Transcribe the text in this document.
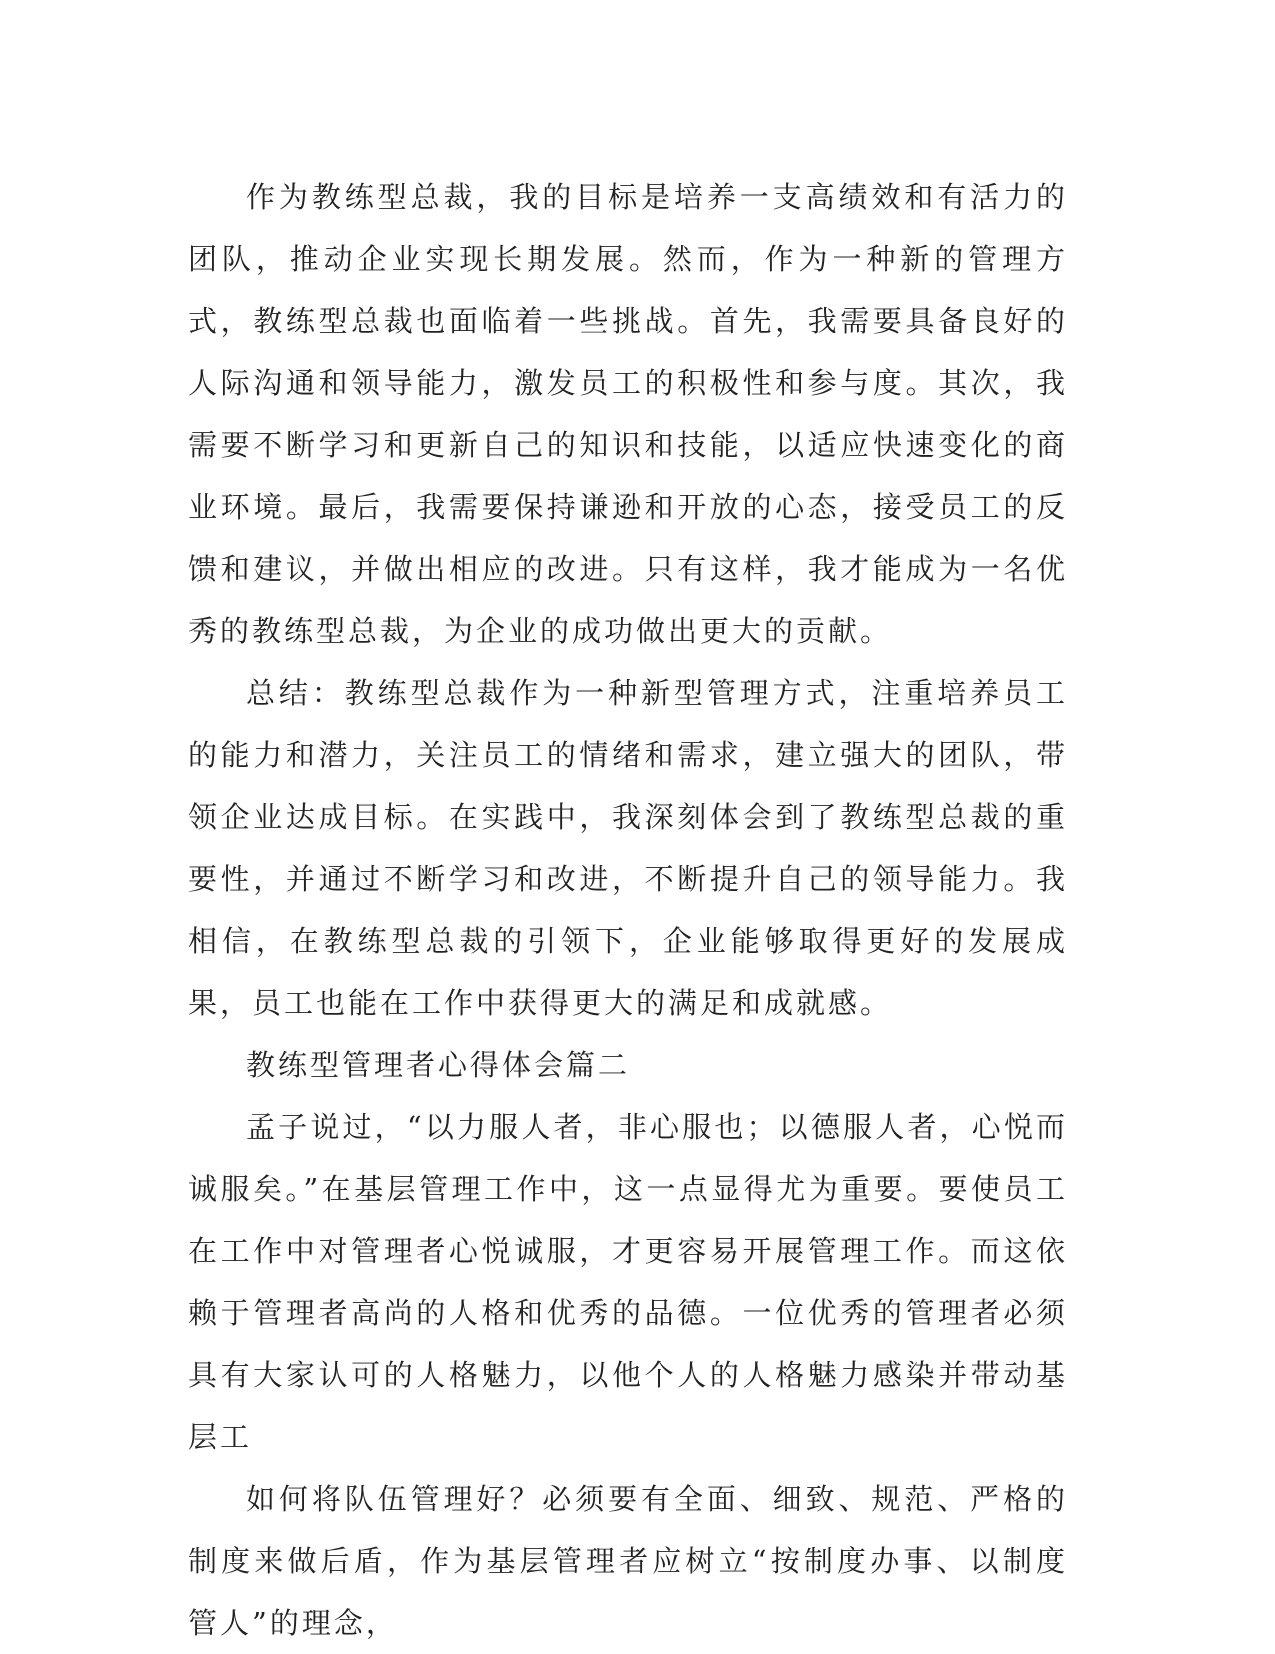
作为教练型总裁，我的目标是培养一支高绩效和有活力的团队，推动企业实现长期发展。然而，作为一种新的管理方式，教练型总裁也面临着一些挑战。首先，我需要具备良好的人际沟通和领导能力，激发员工的积极性和参与度。其次，我需要不断学习和更新自己的知识和技能，以适应快速变化的商业环境。最后，我需要保持谦逊和开放的心态，接受员工的反馈和建议，并做出相应的改进。只有这样，我才能成为一名优秀的教练型总裁，为企业的成功做出更大的贡献。

总结：教练型总裁作为一种新型管理方式，注重培养员工的能力和潜力，关注员工的情绪和需求，建立强大的团队，带领企业达成目标。在实践中，我深刻体会到了教练型总裁的重要性，并通过不断学习和改进，不断提升自己的领导能力。我相信，在教练型总裁的引领下，企业能够取得更好的发展成果，员工也能在工作中获得更大的满足和成就感。

教练型管理者心得体会篇二

孟子说过，“以力服人者，非心服也；以德服人者，心悦而诚服矣。”在基层管理工作中，这一点显得尤为重要。要使员工在工作中对管理者心悦诚服，才更容易开展管理工作。而这依赖于管理者高尚的人格和优秀的品德。一位优秀的管理者必须具有大家认可的人格魅力，以他个人的人格魅力感染并带动基层工

如何将队伍管理好？必须要有全面、细致、规范、严格的制度来做后盾，作为基层管理者应树立“按制度办事、以制度管人”的理念，
